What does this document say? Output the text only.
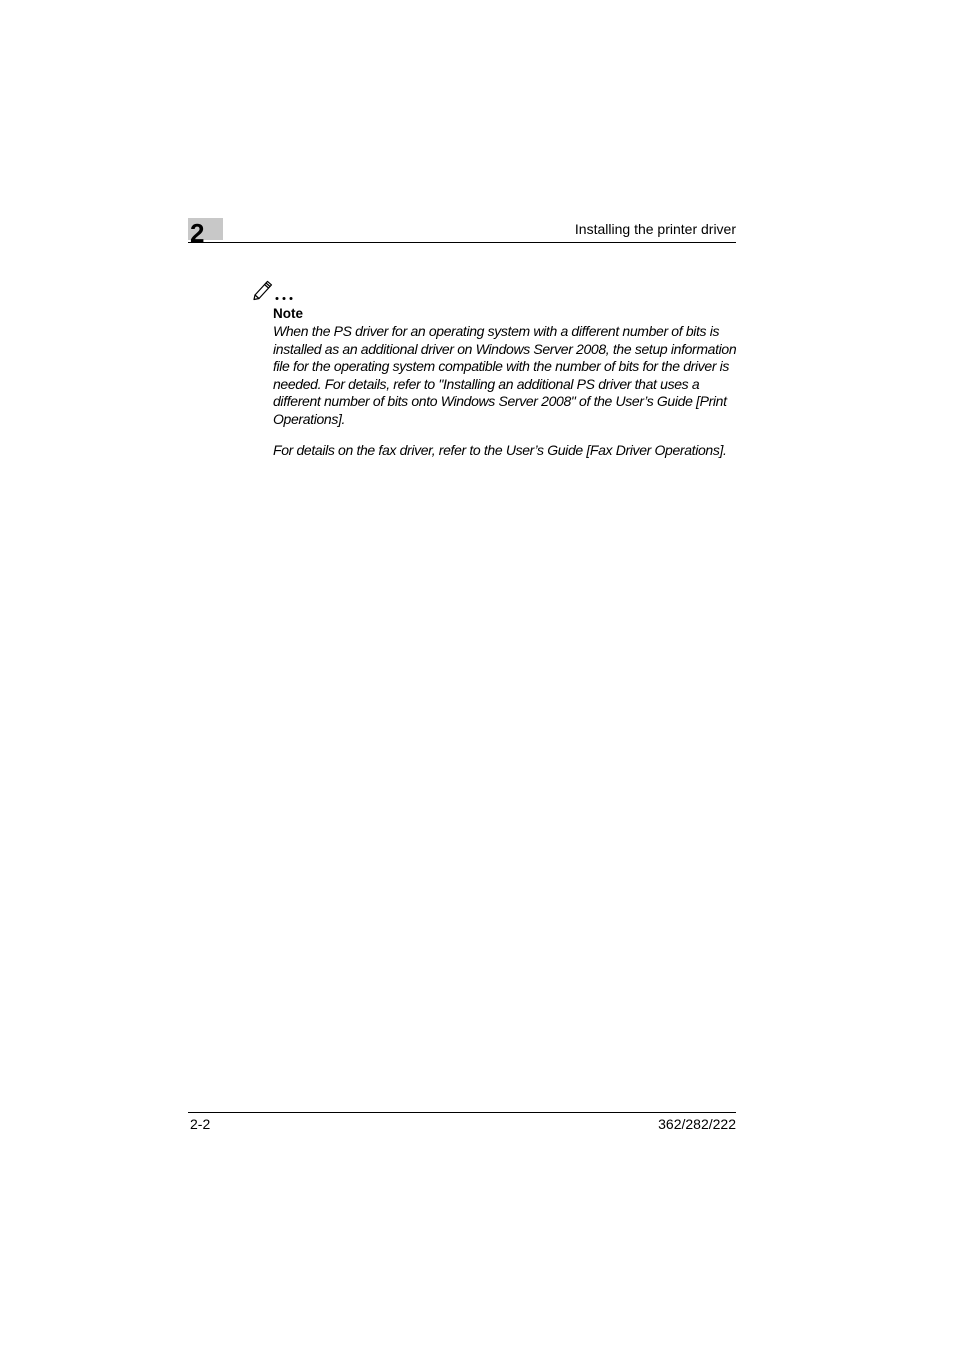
2	Installing the printer driver
Note

When the PS driver for an operating system with a different number of bits is installed as an additional driver on Windows Server 2008, the setup information file for the operating system compatible with the number of bits for the driver is needed. For details, refer to "Installing an additional PS driver that uses a different number of bits onto Windows Server 2008" of the User’s Guide [Print Operations].

For details on the fax driver, refer to the User’s Guide [Fax Driver Operations].

2-2	362/282/222
